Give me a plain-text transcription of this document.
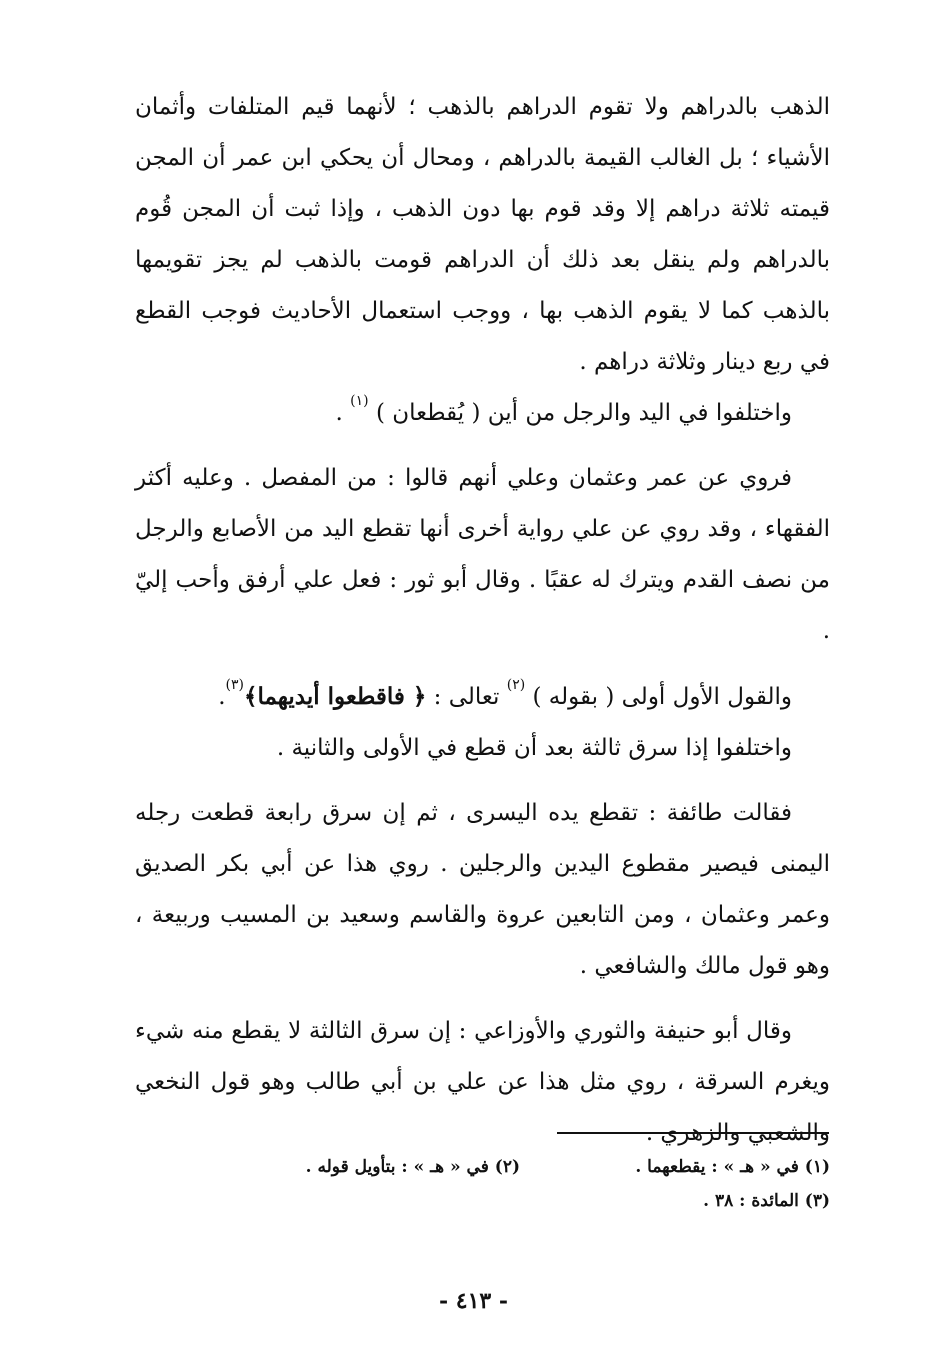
الذهب بالدراهم ولا تقوم الدراهم بالذهب ؛ لأنهما قيم المتلفات وأثمان الأشياء ؛ بل الغالب القيمة بالدراهم ، ومحال أن يحكي ابن عمر أن المجن قيمته ثلاثة دراهم إلا وقد قوم بها دون الذهب ، وإذا ثبت أن المجن قُوم بالدراهم ولم ينقل بعد ذلك أن الدراهم قومت بالذهب لم يجز تقويمها بالذهب كما لا يقوم الذهب بها ، ووجب استعمال الأحاديث فوجب القطع في ربع دينار وثلاثة دراهم .

واختلفوا في اليد والرجل من أين ( يُقطعان ) $^{(١)}$ .

فروي عن عمر وعثمان وعلي أنهم قالوا : من المفصل . وعليه أكثر الفقهاء ، وقد روي عن علي رواية أخرى أنها تقطع اليد من الأصابع والرجل من نصف القدم ويترك له عقبًا . وقال أبو ثور : فعل علي أرفق وأحب إليّ .

والقول الأول أولى ( بقوله ) $^{(٢)}$ تعالى : ﴿ فاقطعوا أيديهما﴾$^{(٣)}$.

واختلفوا إذا سرق ثالثة بعد أن قطع في الأولى والثانية .

فقالت طائفة : تقطع يده اليسرى ، ثم إن سرق رابعة قطعت رجله اليمنى فيصير مقطوع اليدين والرجلين . روي هذا عن أبي بكر الصديق وعمر وعثمان ، ومن التابعين عروة والقاسم وسعيد بن المسيب وربيعة ، وهو قول مالك والشافعي .

وقال أبو حنيفة والثوري والأوزاعي : إن سرق الثالثة لا يقطع منه شيء ويغرم السرقة ، روي مثل هذا عن علي بن أبي طالب وهو قول النخعي والشعبي والزهري .

(١) في « هـ » : يقطعهما .
(٢) في « هـ » : بتأويل قوله .
(٣) المائدة : ٣٨ .
- ٤١٣ -
